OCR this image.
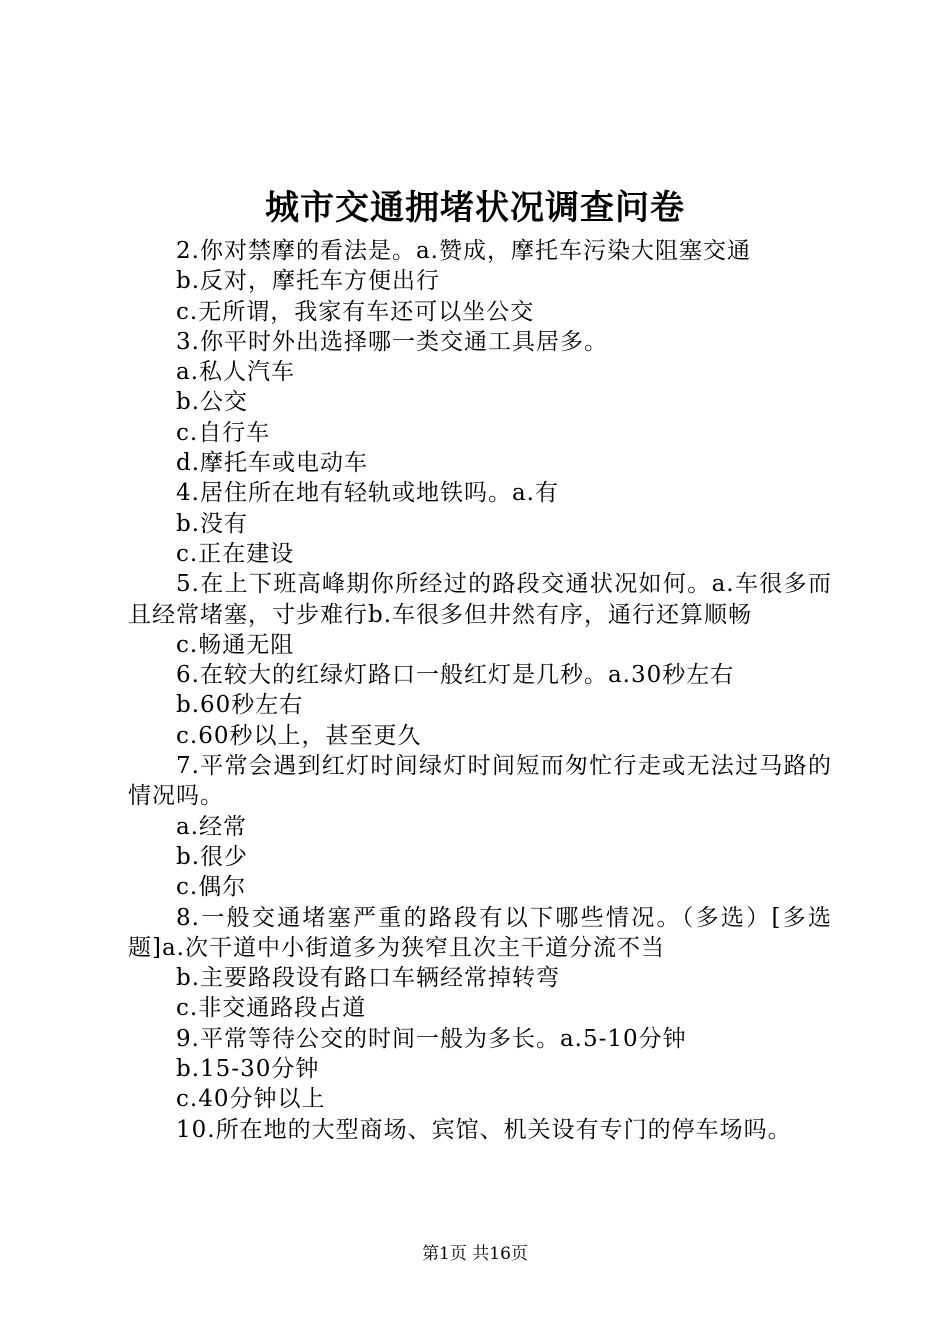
城市交通拥堵状况调查问卷
2.你对禁摩的看法是。a.赞成，摩托车污染大阻塞交通
b.反对，摩托车方便出行
c.无所谓，我家有车还可以坐公交
3.你平时外出选择哪一类交通工具居多。
a.私人汽车
b.公交
c.自行车
d.摩托车或电动车
4.居住所在地有轻轨或地铁吗。a.有
b.没有
c.正在建设
5.在上下班高峰期你所经过的路段交通状况如何。a.车很多而且经常堵塞，寸步难行b.车很多但井然有序，通行还算顺畅
c.畅通无阻
6.在较大的红绿灯路口一般红灯是几秒。a.30秒左右
b.60秒左右
c.60秒以上，甚至更久
7.平常会遇到红灯时间绿灯时间短而匆忙行走或无法过马路的情况吗。
a.经常
b.很少
c.偶尔
8.一般交通堵塞严重的路段有以下哪些情况。（多选）[多选题]a.次干道中小街道多为狭窄且次主干道分流不当
b.主要路段设有路口车辆经常掉转弯
c.非交通路段占道
9.平常等待公交的时间一般为多长。a.5-10分钟
b.15-30分钟
c.40分钟以上
10.所在地的大型商场、宾馆、机关设有专门的停车场吗。
第1页 共16页
